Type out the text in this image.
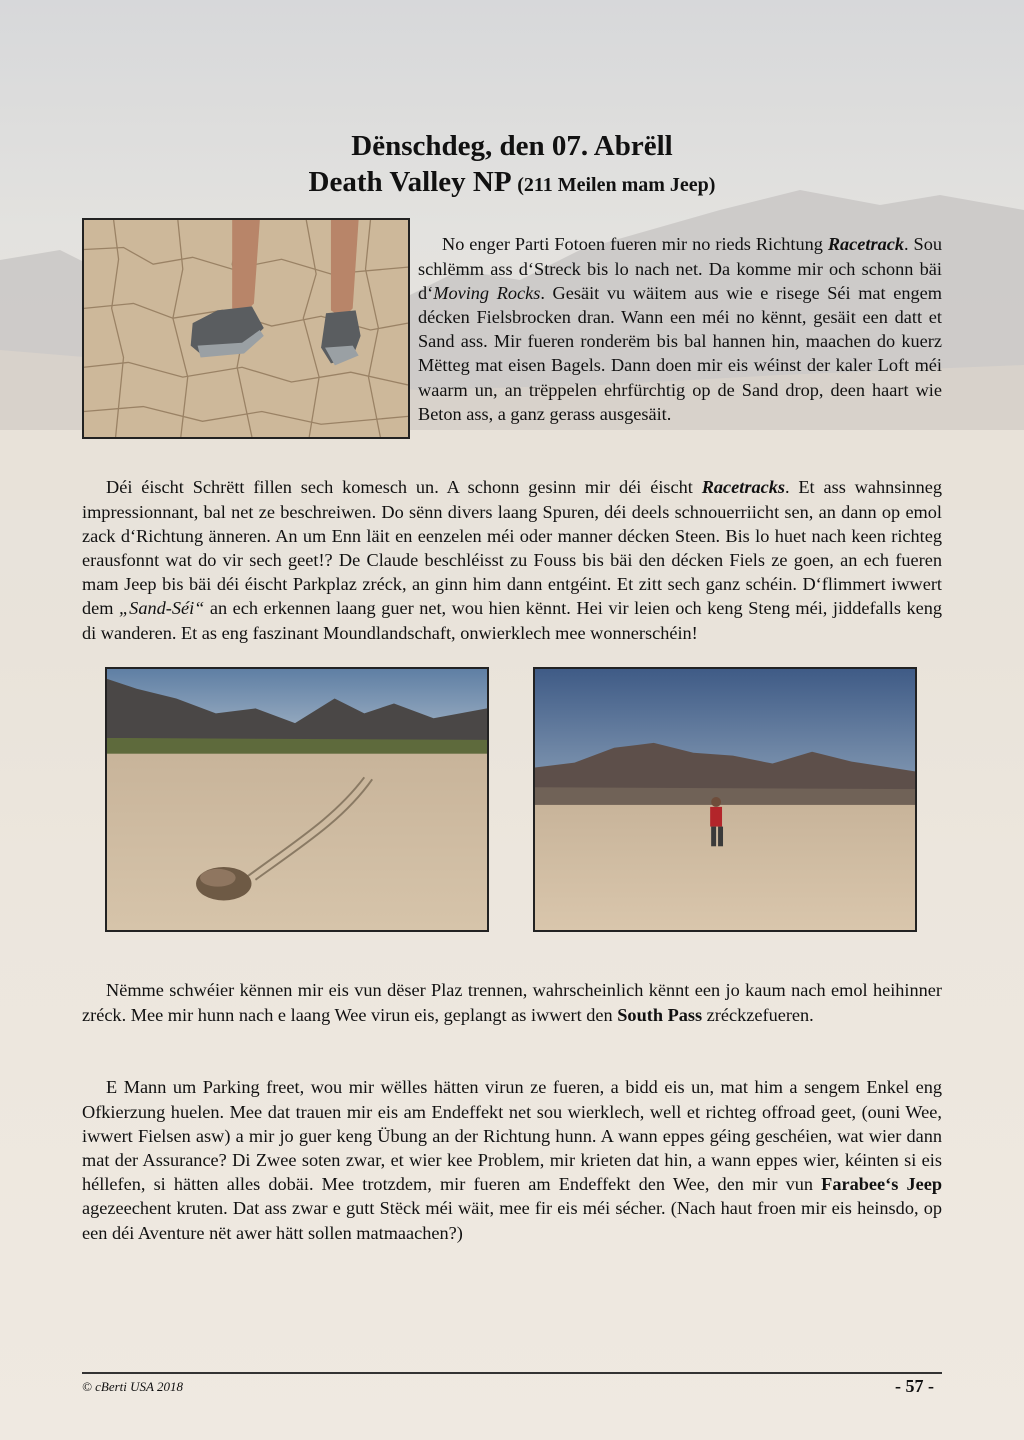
Dënschdeg, den 07. Abrëll
Death Valley NP (211 Meilen mam Jeep)

No enger Parti Fotoen fueren mir no rieds Richtung Racetrack. Sou schlëmm ass d‘Streck bis lo nach net. Da komme mir och schonn bäi d‘Moving Rocks. Gesäit vu wäitem aus wie e risege Séi mat engem décken Fielsbrocken dran. Wann een méi no kënnt, gesäit een datt et Sand ass. Mir fueren ronderëm bis bal hannen hin, maachen do kuerz Mëtteg mat eisen Bagels. Dann doen mir eis wéinst der kaler Loft méi waarm un, an trëppelen ehrfürchtig op de Sand drop, deen haart wie Beton ass, a ganz gerass ausgesäit.

Déi éischt Schrëtt fillen sech komesch un. A schonn gesinn mir déi éischt Racetracks. Et ass wahnsinneg impressionnant, bal net ze beschreiwen. Do sënn divers laang Spuren, déi deels schnouerriicht sen, an dann op emol zack d‘Richtung änneren. An um Enn läit en eenzelen méi oder manner décken Steen. Bis lo huet nach keen richteg erausfonnt wat do vir sech geet!? De Claude beschléisst zu Fouss bis bäi den décken Fiels ze goen, an ech fueren mam Jeep bis bäi déi éischt Parkplaz zréck, an ginn him dann entgéint. Et zitt sech ganz schéin. D‘flimmert iwwert dem „Sand-Séi“ an ech erkennen laang guer net, wou hien kënnt. Hei vir leien och keng Steng méi, jiddefalls keng di wanderen. Et as eng faszinant Moundlandschaft, onwierklech mee wonnerschéin!

Nëmme schwéier kënnen mir eis vun dëser Plaz trennen, wahrscheinlich kënnt een jo kaum nach emol heihinner zréck. Mee mir hunn nach e laang Wee virun eis, geplangt as iwwert den South Pass zréckzefueren.

E Mann um Parking freet, wou mir wëlles hätten virun ze fueren, a bidd eis un, mat him a sengem Enkel eng Ofkierzung huelen. Mee dat trauen mir eis am Endeffekt net sou wierklech, well et richteg offroad geet, (ouni Wee, iwwert Fielsen asw) a mir jo guer keng Übung an der Richtung hunn. A wann eppes géing geschéien, wat wier dann mat der Assurance? Di Zwee soten zwar, et wier kee Problem, mir krieten dat hin, a wann eppes wier, kéinten si eis héllefen, si hätten alles dobäi. Mee trotzdem, mir fueren am Endeffekt den Wee, den mir vun Farabee‘s Jeep agezeechent kruten. Dat ass zwar e gutt Stëck méi wäit, mee fir eis méi sécher. (Nach haut froen mir eis heinsdo, op een déi Aventure nët awer hätt sollen matmaachen?)

© cBerti USA 2018	- 57 -
